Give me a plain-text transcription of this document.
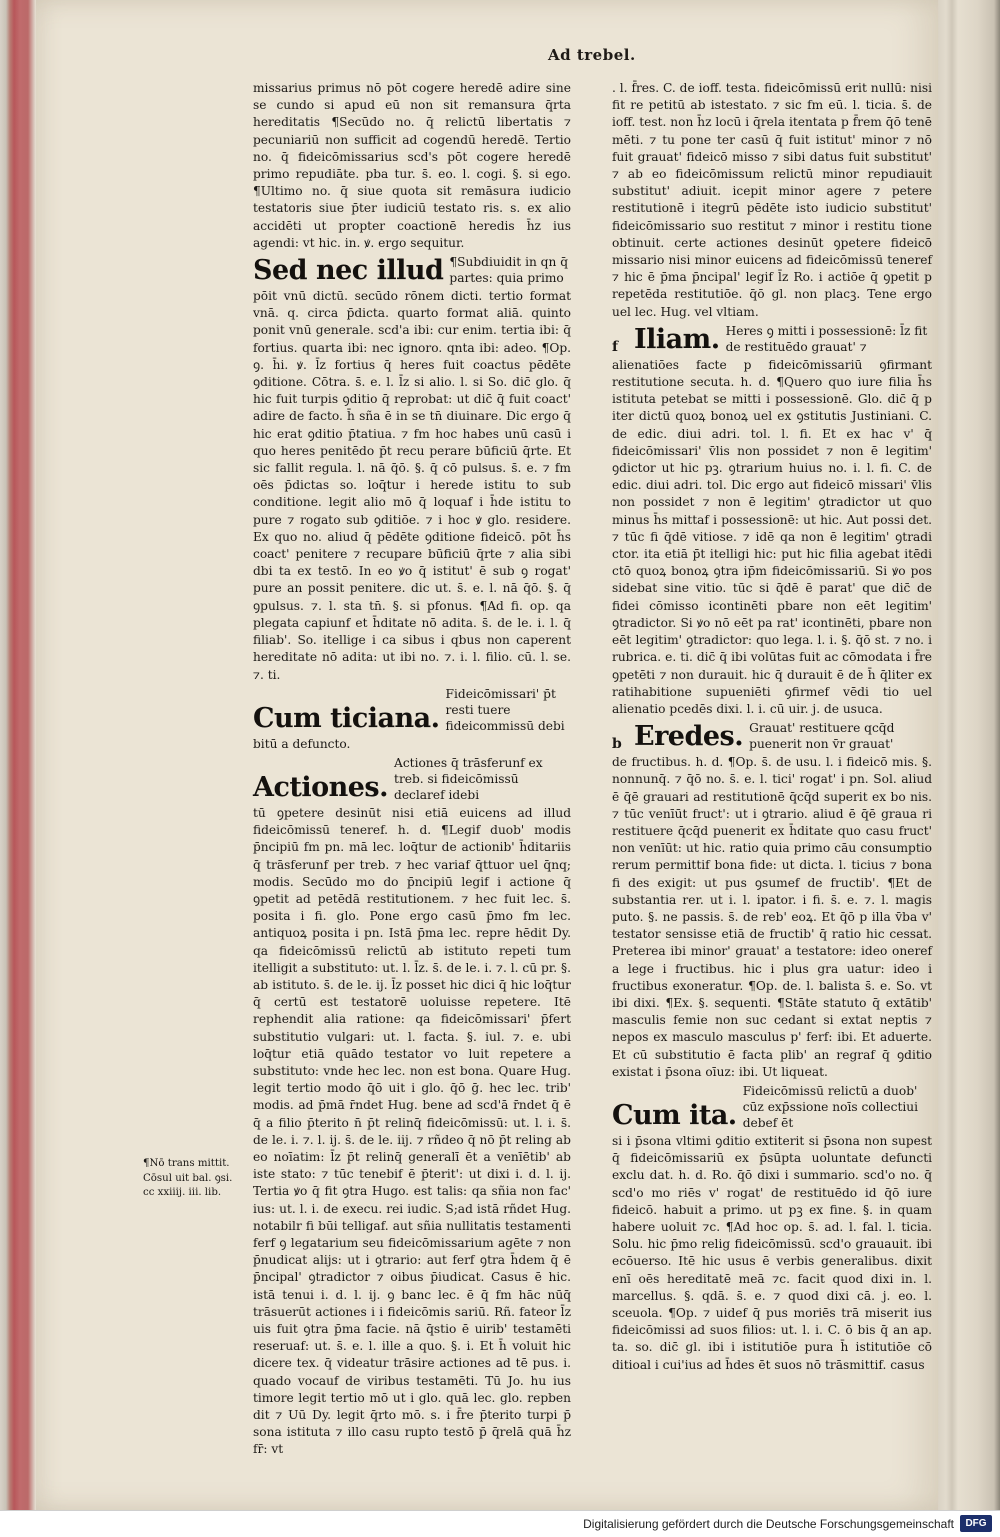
Ad trebel.

missarius primus nō pōt cogere heredē adire sine se cundo si apud eū non sit remansura q̄rta hereditatis ¶Secūdo no. q̄ relictū libertatis ⁊ pecuniariū non sufficit ad cogendū heredē. Tertio no. q̄ fideicōmissarius scd's pōt cogere heredē primo repudiāte. pba tur. s̄. eo. l. cogi. §. si ego. ¶Ultimo no. q̄ siue quota sit remāsura iudicio testatoris siue p̄ter iudiciū testato ris. s. ex alio accidēti ut propter coactionē heredis h̄z ius agendi: vt hic. in. ꝟ. ergo sequitur.

Sed nec illud ¶Subdiuidit in qn q̄ partes: quia primo

pōit vnū dictū. secūdo rōnem dicti. tertio format vnā. q. circa p̄dicta. quarto format aliā. quinto ponit vnū generale. scd'a ibi: cur enim. tertia ibi: q̄ fortius. quarta ibi: nec ignoro. qnta ibi: adeo. ¶Op. ꝯ. h̄i. ꝟ. l̄z fortius q̄ heres fuit coactus pēdēte ꝯditione. Cōtra. s̄. e. l. l̄z si alio. l. si So. dic̄ glo. q̄ hic fuit turpis ꝯditio q̄ reprobat: ut dic̄ q̄ fuit coact' adire de facto. h̄ sña ē in se tn̄ diuinare. Dic ergo q̄ hic erat ꝯditio p̄tatiua. ⁊ fm hoc habes unū casū i quo heres penitēdo p̄t recu perare būficiū q̄rte. Et sic fallit regula. l. nā q̄ō. §. q̄ cō pulsus. s̄. e. ⁊ fm oēs p̄dictas so. loq̄tur i herede istitu to sub conditione. legit alio mō q̄ loquaf i h̄de istitu to pure ⁊ rogato sub ꝯditiōe. ⁊ i hoc ꝟ glo. residere. Ex quo no. aliud q̄ pēdēte ꝯditione fideicō. pōt h̄s coact' penitere ⁊ recupare būficiū q̄rte ⁊ alia sibi dbi ta ex testō. In eo ꝟo q̄ istitut' ē sub ꝯ rogat' pure an possit penitere. dic ut. s̄. e. l. nā q̄ō. §. q̄ ꝯpulsus. ⁊. l. sta tn̄. §. si pfonus. ¶Ad fi. op. qa plegata capiunf et h̄ditate nō adita. s̄. de le. i. l. q̄ filiab'. So. itellige i ca sibus i qbus non caperent hereditate nō adita: ut ibi no. ⁊. i. l. filio. cū. l. se. ⁊. ti.

Cum ticiana.
Fideicōmissari' p̄t resti tuere fideicommissū debi

bitū a defuncto.

Actiones.
Actiones q̄ trāsferunf ex treb. si fideicōmissū declaref idebi

tū ꝯpetere desinūt nisi etiā euicens ad illud fideicōmissū teneref. h. d. ¶Legif duob' modis p̄ncipiū fm pn. mā lec. loq̄tur de actionib' h̄ditariis q̄ trāsferunf per treb. ⁊ hec variaf q̄ttuor uel q̄nq; modis. Secūdo mo do p̄ncipiū legif i actione q̄ ꝯpetit ad petēdā restitutionem. ⁊ hec fuit lec. s̄. posita i fi. glo. Pone ergo casū p̄mo fm lec. antiquoꝝ posita i pn. Istā p̄ma lec. repre hēdit Dy. qa fideicōmissū relictū ab istituto repeti tum itelligit a substituto: ut. l. l̄z. s̄. de le. i. ⁊. l. cū pr. §. ab istituto. s̄. de le. ij. l̄z posset hic dici q̄ hic loq̄tur q̄ certū est testatorē uoluisse repetere. Itē rephendit alia ratione: qa fideicōmissari' p̄fert substitutio vulgari: ut. l. facta. §. iul. ⁊. e. ubi loq̄tur etiā quādo testator vo luit repetere a substituto: vnde hec lec. non est bona. Quare Hug. legit tertio modo q̄ō uit i glo. q̄ō ḡ. hec lec. trib' modis. ad p̄mā r̄ndet Hug. bene ad scd'ā r̄ndet q̄ ē q̄ a filio p̄terito n̄ p̄t relinq̄ fideicōmissū: ut. l. i. s̄. de le. i. ⁊. l. ij. s̄. de le. iij. ⁊ rñdeo q̄ nō p̄t reling ab eo noīatim: l̄z p̄t relinq̄ generalī ēt a venīētib' ab iste stato: ⁊ tūc tenebif ē p̄terit': ut dixi i. d. l. ij. Tertia ꝟo q̄ fit ꝯtra Hugo. est talis: qa sñia non fac' ius: ut. l. i. de execu. rei iudic. S;ad istā rñdet Hug. notabilr fi būi telligaf. aut sñia nullitatis testamenti ferf ꝯ legatarium seu fideicōmissarium agēte ⁊ non p̄nudicat alijs: ut i ꝯtrario: aut ferf ꝯtra h̄dem q̄ ē p̄ncipal' ꝯtradictor ⁊ oibus p̄iudicat. Casus ē hic. istā tenui i. d. l. ij. ꝯ banc lec. ē q̄ fm hāc nūq̄ trāsuerūt actiones i i fideicōmis sariū. Rñ. fateor l̄z uis fuit ꝯtra p̄ma facie. nā q̄stio ē uirib' testamēti reseruaf: ut. s̄. e. l. ille a quo. §. i. Et h̄ voluit hic dicere tex. q̄ videatur trāsire actiones ad tē pus. i. quado vocauf de viribus testamēti. Tū Jo. hu ius timore legit tertio mō ut i glo. quā lec. glo. repben dit ⁊ Uū Dy. legit q̄rto mō. s. i f̄re p̄terito turpi p̄ sona istituta ⁊ illo casu rupto testō p̄ q̄relā quā h̄z fr̄: vt

. l. f̄res. C. de ioff. testa. fideicōmissū erit nullū: nisi fit re petitū ab istestato. ⁊ sic fm eū. l. ticia. s̄. de ioff. test. non h̄z locū i q̄rela itentata p f̄rem q̄ō tenē mēti. ⁊ tu pone ter casū q̄ fuit istitut' minor ⁊ nō fuit grauat' fideicō misso ⁊ sibi datus fuit substitut' ⁊ ab eo fideicōmissum relictū minor repudiauit substitut' adiuit. icepit minor agere ⁊ petere restitutionē i itegrū pēdēte isto iudicio substitut' fideicōmissario suo restitut ⁊ minor i restitu tione obtinuit. certe actiones desinūt ꝯpetere fideicō missario nisi minor euicens ad fideicōmissū teneref ⁊ hic ē p̄ma p̄ncipal' legif l̄z Ro. i actiōe q̄ ꝯpetit p repetēda restitutiōe. q̄ō gl. non placꝫ. Tene ergo uel lec. Hug. vel vltiam.

f Iliam. Heres ꝯ mitti i possessionē: l̄z fit de restituēdo grauat' ⁊

alienatiōes facte p fideicōmissariū ꝯfirmant restitutione secuta. h. d. ¶Quero quo iure filia h̄s istituta petebat se mitti i possessionē. Glo. dic̄ q̄ p iter dictū quoꝝ bonoꝝ uel ex ꝯstitutis Justiniani. C. de edic. diui adri. tol. l. fi. Et ex hac v' q̄ fideicōmissari' v̄lis non possidet ⁊ non ē legitim' ꝯdictor ut hic pꝫ. ꝯtrarium huius no. i. l. fi. C. de edic. diui adri. tol. Dic ergo aut fideicō missari' v̄lis non possidet ⁊ non ē legitim' ꝯtradictor ut quo minus h̄s mittaf i possessionē: ut hic. Aut possi det. ⁊ tūc fi q̄dē vitiose. ⁊ idē qa non ē legitim' ꝯtradi ctor. ita etiā p̄t itelligi hic: put hic filia agebat itēdi ctō quoꝝ bonoꝝ ꝯtra ip̄m fideicōmissariū. Si ꝟo pos sidebat sine vitio. tūc si q̄dē ē parat' que dic̄ de fidei cōmisso icontinēti pbare non eēt legitim' ꝯtradictor. Si ꝟo nō eēt pa rat' icontinēti, pbare non eēt legitim' ꝯtradictor: quo lega. l. i. §. q̄ō st. ⁊ no. i rubrica. e. ti. dic̄ q̄ ibi volūtas fuit ac cōmodata i f̄re ꝯpetēti ⁊ non durauit. hic q̄ durauit ē de h̄ q̄liter ex ratihabitione supueniēti ꝯfirmef vēdi tio uel alienatio pcedēs dixi. l. i. cū uir. j. de usuca.

b Eredes. Grauat' restituere qcq̄d puenerit non v̄r grauat'

de fructibus. h. d. ¶Op. s̄. de usu. l. i fideicō mis. §. nonnunq̄. ⁊ q̄ō no. s̄. e. l. tici' rogat' i pn. Sol. aliud ē q̄ē grauari ad restitutionē q̄cq̄d superit ex bo nis. ⁊ tūc venīūt fruct': ut i ꝯtrario. aliud ē q̄ē graua ri restituere q̄cq̄d puenerit ex h̄ditate quo casu fruct' non venīūt: ut hic. ratio quia primo cāu consumptio rerum permittif bona fide: ut dicta. l. ticius ⁊ bona fi des exigit: ut pus ꝯsumef de fructib'. ¶Et de substantia rer. ut i. l. ipator. i fi. s̄. e. ⁊. l. magis puto. §. ne passis. s̄. de reb' eoꝝ. Et q̄ō p illa v̄ba v' testator sensisse etiā de fructib' q̄ ratio hic cessat. Preterea ibi minor' grauat' a testatore: ideo oneref a lege i fructibus. hic i plus gra uatur: ideo i fructibus exoneratur. ¶Op. de. l. balista s̄. e. So. vt ibi dixi. ¶Ex. §. sequenti. ¶Stāte statuto q̄ extātib' masculis femie non suc cedant si extat neptis ⁊ nepos ex masculo masculus p' ferf: ibi. Et aduerte. Et cū substitutio ē facta plib' an regraf q̄ ꝯditio existat i p̄sona oīuz: ibi. Ut liqueat.

Cum ita.
Fideicōmissū relictū a duob' cūz exp̄ssione noīs collectiui debef ēt

si i p̄sona vltimi ꝯditio extiterit si p̄sona non supest q̄ fideicōmissariū ex p̄sūpta uoluntate defuncti exclu dat. h. d. Ro. q̄ō dixi i summario. scd'o no. q̄ scd'o mo riēs v' rogat' de restituēdo id q̄ō iure fideicō. habuit a primo. ut pꝫ ex fine. §. in quam habere uoluit ⁊c. ¶Ad hoc op. s̄. ad. l. fal. l. ticia. Solu. hic p̄mo relig fideicōmissū. scd'o grauauit. ibi ecōuerso. Itē hic usus ē verbis generalibus. dixit enī oēs hereditatē meā ⁊c. facit quod dixi in. l. marcellus. §. qdā. s̄. e. ⁊ quod dixi cā. j. eo. l. sceuola. ¶Op. ⁊ uidef q̄ pus moriēs trā miserit ius fideicōmissi ad suos filios: ut. l. i. C. ō bis q̄ an ap. ta. so. dic̄ gl. ibi i istitutiōe pura h̄ istitutiōe cō ditioal i cui'ius ad h̄des ēt suos nō trāsmittif. casus

¶Nō trans mittit. Cōsul uit bal. ꝯsi. cc xxiiij. iii. lib.
Digitalisierung gefördert durch die Deutsche Forschungsgemeinschaft	DFG
